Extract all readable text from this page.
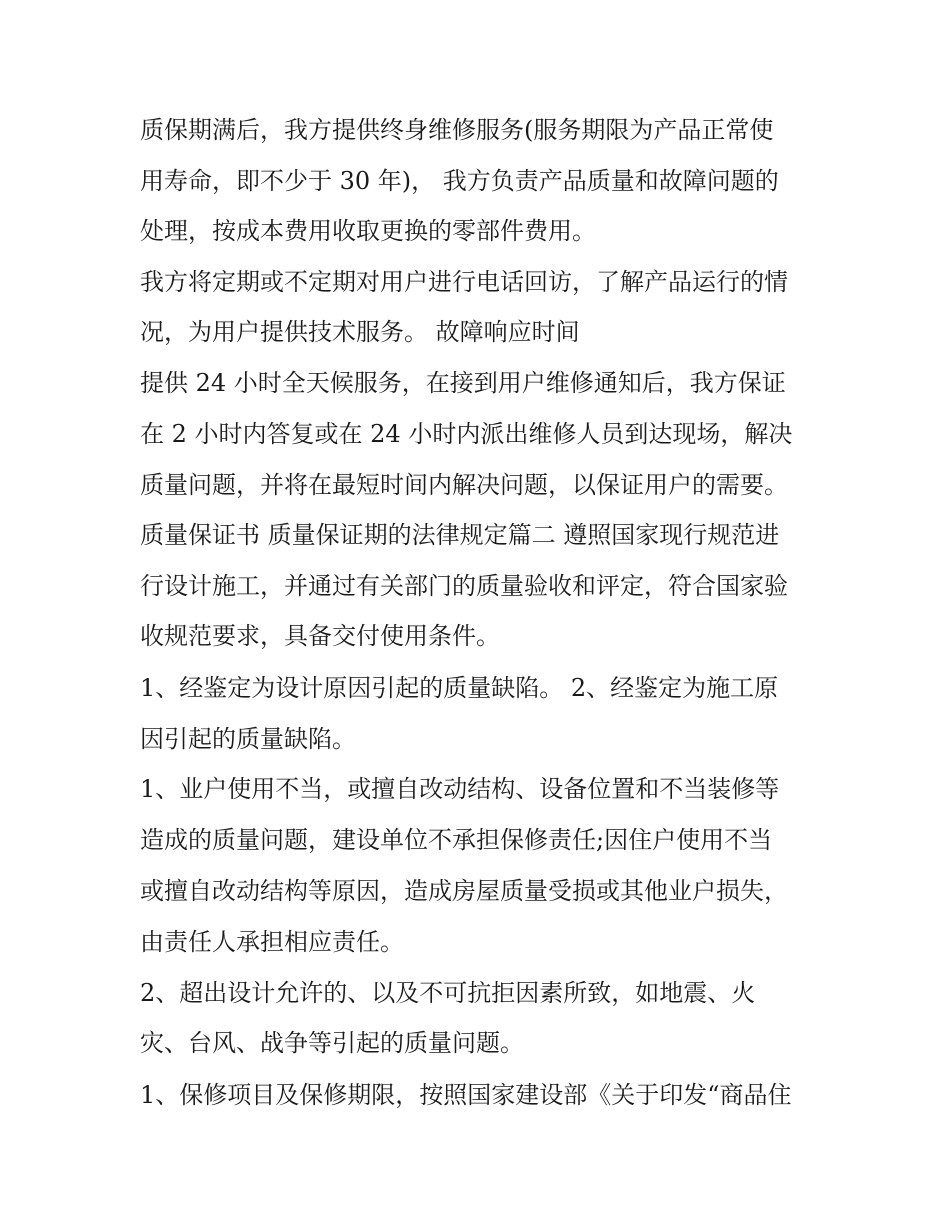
质保期满后，我方提供终身维修服务(服务期限为产品正常使
用寿命，即不少于 30 年)， 我方负责产品质量和故障问题的
处理，按成本费用收取更换的零部件费用。
我方将定期或不定期对用户进行电话回访，了解产品运行的情
况，为用户提供技术服务。 故障响应时间
提供 24 小时全天候服务，在接到用户维修通知后，我方保证
在 2 小时内答复或在 24 小时内派出维修人员到达现场，解决
质量问题，并将在最短时间内解决问题，以保证用户的需要。
质量保证书 质量保证期的法律规定篇二 遵照国家现行规范进
行设计施工，并通过有关部门的质量验收和评定，符合国家验
收规范要求，具备交付使用条件。
1、经鉴定为设计原因引起的质量缺陷。 2、经鉴定为施工原
因引起的质量缺陷。
1、业户使用不当，或擅自改动结构、设备位置和不当装修等
造成的质量问题，建设单位不承担保修责任;因住户使用不当
或擅自改动结构等原因，造成房屋质量受损或其他业户损失，
由责任人承担相应责任。
2、超出设计允许的、以及不可抗拒因素所致，如地震、火
灾、台风、战争等引起的质量问题。
1、保修项目及保修期限，按照国家建设部《关于印发“商品住
